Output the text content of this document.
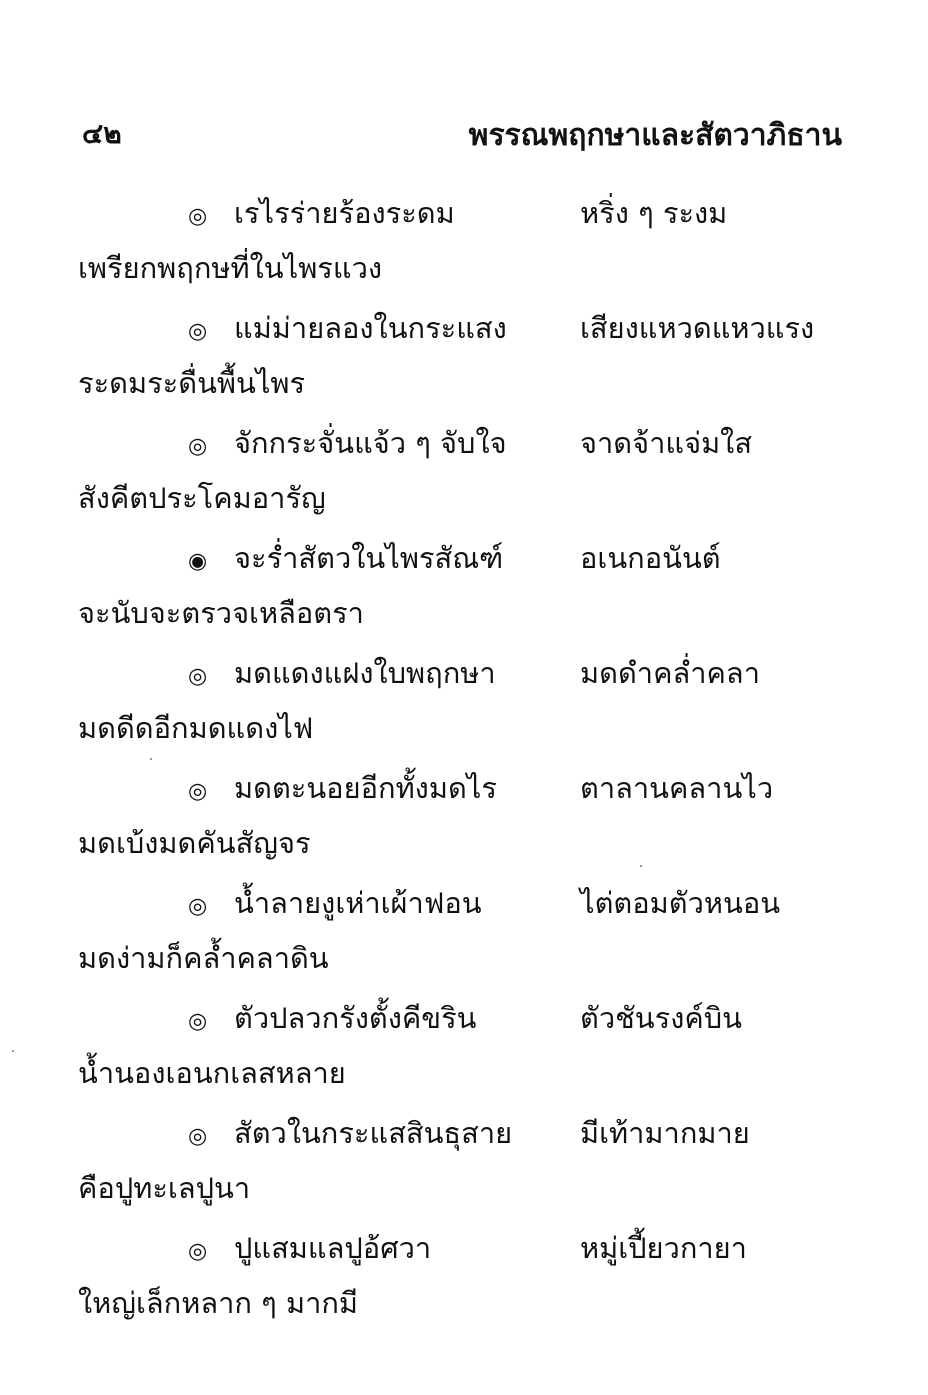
๔๒	พรรณพฤกษาและสัตวาภิธาน
◎ เรไรร่ายร้องระดม	หริ่ง ๆ ระงม
เพรียกพฤกษที่ในไพรแวง
◎ แม่ม่ายลองในกระแสง	เสียงแหวดแหวแรง
ระดมระดื่นพื้นไพร
◎ จักกระจั่นแจ้ว ๆ จับใจ	จาดจ้าแจ่มใส
สังคีตประโคมอารัญ
◉ จะร่ำสัตวในไพรสัณฑ์	อเนกอนันต์
จะนับจะตรวจเหลือตรา
◎ มดแดงแฝงใบพฤกษา	มดดำคล่ำคลา
มดดีดอีกมดแดงไฟ
◎ มดตะนอยอีกทั้งมดไร	ตาลานคลานไว
มดเบ้งมดคันสัญจร
◎ น้ำลายงูเห่าเผ้าฟอน	ไต่ตอมตัวหนอน
มดง่ามก็คล้ำคลาดิน
◎ ตัวปลวกรังตั้งคีขริน	ตัวชันรงค์บิน
น้ำนองเอนกเลสหลาย
◎ สัตวในกระแสสินธุสาย มีเท้ามากมาย
คือปูทะเลปูนา
◎ ปูแสมแลปูอ้ศวา	หมู่เปี้ยวกายา
ใหญ่เล็กหลาก ๆ มากมี
